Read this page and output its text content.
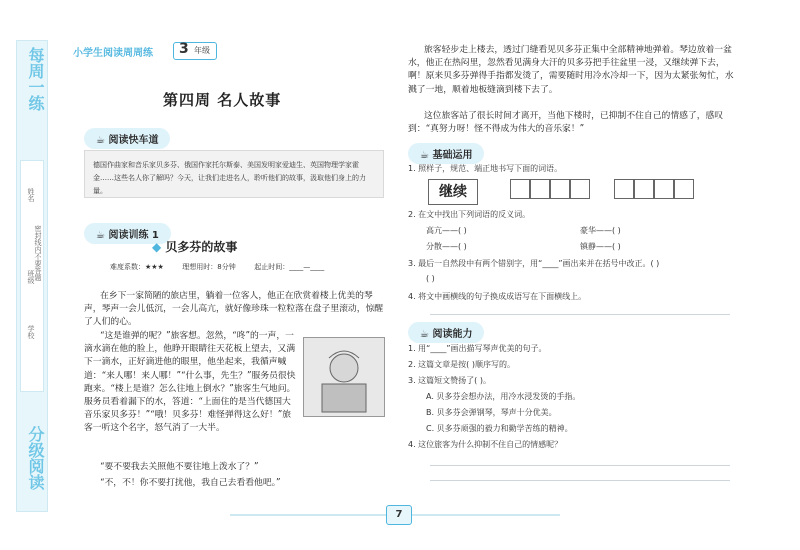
每周一练
分级阅读
姓名
班级
学校
密封线内不要答题
小学生阅读周周练 3 年级
第四周 名人故事
☕ 阅读快车道
德国作曲家和音乐家贝多芬、俄国作家托尔斯泰、美国发明家爱迪生、英国物理学家霍金……这些名人你了解吗？今天，让我们走进名人，聆听他们的故事，汲取他们身上的力量。
☕ 阅读训练 1
◆ 贝多芬的故事
难度系数：★★★	理想用时：8分钟	起止时间：____—____
在乡下一家简陋的旅店里，躺着一位客人，他正在欣赏着楼上优美的琴声，琴声一会儿低沉，一会儿高亢，就好像珍珠一粒粒落在盘子里滚动，惊醒了人们的心。
“这是谁弹的呢？”旅客想。忽然，“咚”的一声，一滴水滴在他的脸上，他睁开眼睛往天花板上望去，又满下一滴水，正好滴进他的眼里，他坐起来，我循声喊道：“来人哪！来人哪！”“什么事，先生？”服务员很快跑来。“楼上是谁？怎么往地上倒水？”旅客生气地问。服务员看着漏下的水，答道：“上面住的是当代德国大音乐家贝多芬！”“哦！贝多芬！难怪弹得这么好！”旅客一听这个名字，怒气消了一大半。
“要不要我去关照他不要往地上泼水了？”
“不，不！你不要打扰他，我自己去看看他吧。”
旅客轻步走上楼去，透过门缝看见贝多芬正集中全部精神地弹着。琴边放着一盆水，他正在热闷里，忽然看见满身大汗的贝多芬把手往盆里一浸，又继续弹下去，啊！原来贝多芬弹得手指都发烫了，需要随时用冷水冷却一下，因为太紧张匆忙，水溅了一地，顺着地板缝滴到楼下去了。
这位旅客站了很长时间才离开，当他下楼时，已抑制不住自己的情感了，感叹到：“真努力呀！怪不得成为伟大的音乐家！”
☕ 基础运用
1. 照样子，规范、端正地书写下面的词语。
继续
2. 在文中找出下列词语的反义词。
高亢——( )	豪华——( )
分散——( )	镇静——( )
3. 最后一自然段中有两个错别字，用“____”画出来并在括号中改正。( )
( )
4. 将文中画横线的句子换成成语写在下面横线上。
☕ 阅读能力
1. 用“____”画出描写琴声优美的句子。
2. 这篇文章是按( )顺序写的。
3. 这篇短文赞扬了( )。
A. 贝多芬会想办法，用冷水浸发烫的手指。
B. 贝多芬会弹钢琴，琴声十分优美。
C. 贝多芬顽强的毅力和勤学苦练的精神。
4. 这位旅客为什么抑制不住自己的情感呢？
7
